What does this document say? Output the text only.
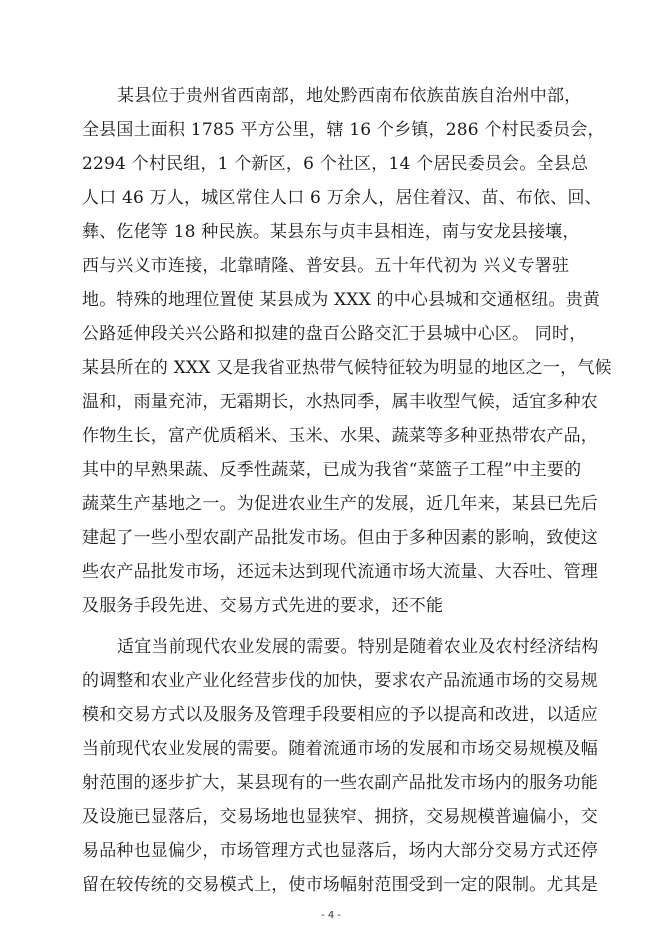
某县位于贵州省西南部，地处黔西南布依族苗族自治州中部，
全县国土面积 1785 平方公里，辖 16 个乡镇，286 个村民委员会，
2294 个村民组，1 个新区，6 个社区，14 个居民委员会。全县总
人口 46 万人，城区常住人口 6 万余人，居住着汉、苗、布依、回、
彝、仡佬等 18 种民族。某县东与贞丰县相连，南与安龙县接壤，
西与兴义市连接，北靠晴隆、普安县。五十年代初为 兴义专署驻
地。特殊的地理位置使 某县成为 XXX 的中心县城和交通枢纽。贵黄
公路延伸段关兴公路和拟建的盘百公路交汇于县城中心区。 同时，
某县所在的 XXX 又是我省亚热带气候特征较为明显的地区之一，气候
温和，雨量充沛，无霜期长，水热同季，属丰收型气候，适宜多种农
作物生长，富产优质稻米、玉米、水果、蔬菜等多种亚热带农产品，
其中的早熟果蔬、反季性蔬菜，已成为我省“菜篮子工程”中主要的
蔬菜生产基地之一。为促进农业生产的发展，近几年来，某县已先后
建起了一些小型农副产品批发市场。但由于多种因素的影响，致使这
些农产品批发市场，还远未达到现代流通市场大流量、大吞吐、管理
及服务手段先进、交易方式先进的要求，还不能
适宜当前现代农业发展的需要。特别是随着农业及农村经济结构
的调整和农业产业化经营步伐的加快，要求农产品流通市场的交易规
模和交易方式以及服务及管理手段要相应的予以提高和改进，以适应
当前现代农业发展的需要。随着流通市场的发展和市场交易规模及幅
射范围的逐步扩大，某县现有的一些农副产品批发市场内的服务功能
及设施已显落后，交易场地也显狭窄、拥挤，交易规模普遍偏小，交
易品种也显偏少，市场管理方式也显落后，场内大部分交易方式还停
留在较传统的交易模式上，使市场幅射范围受到一定的限制。尤其是
- 4 -
